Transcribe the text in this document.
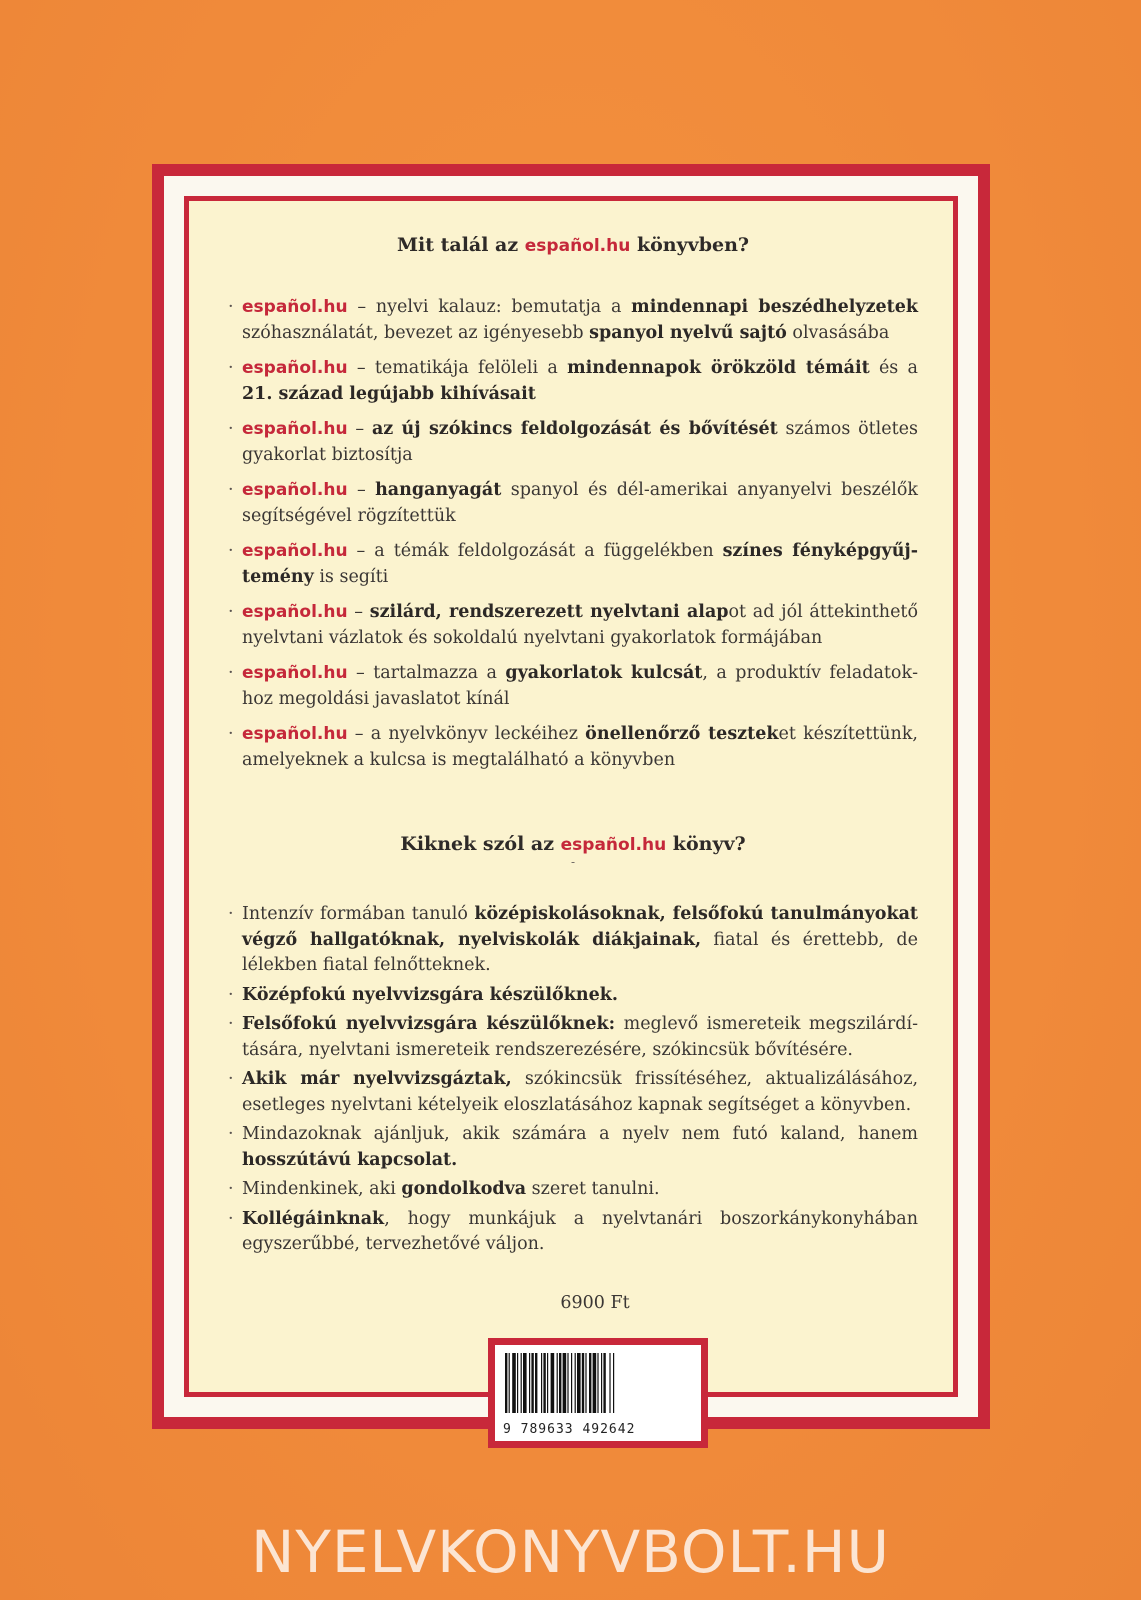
Mit talál az español.hu könyvben?
· español.hu – nyelvi kalauz: bemutatja a mindennapi beszédhelyzetek szóhasználatát, bevezet az igényesebb spanyol nyelvű sajtó olvasásába
· español.hu – tematikája felöleli a mindennapok örökzöld témáit és a 21. század legújabb kihívásait
· español.hu – az új szókincs feldolgozását és bővítését számos ötletes gyakorlat biztosítja
· español.hu – hanganyagát spanyol és dél-amerikai anyanyelvi beszélők segítségével rögzítettük
· español.hu – a témák feldolgozását a függelékben színes fényképgyűjtemény is segíti
· español.hu – szilárd, rendszerezett nyelvtani alapot ad jól áttekinthető nyelvtani vázlatok és sokoldalú nyelvtani gyakorlatok formájában
· español.hu – tartalmazza a gyakorlatok kulcsát, a produktív feladatokhoz megoldási javaslatot kínál
· español.hu – a nyelvkönyv leckéihez önellenőrző teszteket készítettünk, amelyeknek a kulcsa is megtalálható a könyvben
Kiknek szól az español.hu könyv?
-
· Intenzív formában tanuló középiskolásoknak, felsőfokú tanulmányokat végző hallgatóknak, nyelviskolák diákjainak, fiatal és érettebb, de lélekben fiatal felnőtteknek.
· Középfokú nyelvvizsgára készülőknek.
· Felsőfokú nyelvvizsgára készülőknek: meglevő ismereteik megszilárdítására, nyelvtani ismereteik rendszerezésére, szókincsük bővítésére.
· Akik már nyelvvizsgáztak, szókincsük frissítéséhez, aktualizálásához, esetleges nyelvtani kételyeik eloszlatásához kapnak segítséget a könyvben.
· Mindazoknak ajánljuk, akik számára a nyelv nem futó kaland, hanem hosszútávú kapcsolat.
· Mindenkinek, aki gondolkodva szeret tanulni.
· Kollégáinknak, hogy munkájuk a nyelvtanári boszorkánykonyhában egyszerűbbé, tervezhetővé váljon.
6900 Ft
9 789633 492642
NYELVKONYVBOLT.HU
